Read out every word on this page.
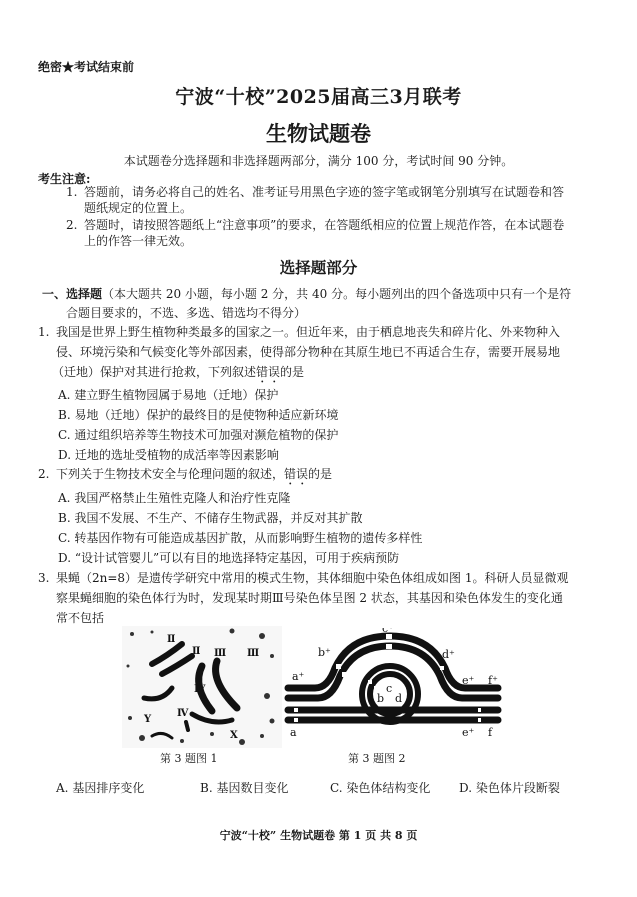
绝密★考试结束前
宁波“十校”2025届高三3月联考
生物试题卷
本试题卷分选择题和非选择题两部分，满分 100 分，考试时间 90 分钟。
考生注意:
1. 答题前，请务必将自己的姓名、准考证号用黑色字迹的签字笔或钢笔分别填写在试题卷和答
题纸规定的位置上。
2. 答题时，请按照答题纸上“注意事项”的要求，在答题纸相应的位置上规范作答，在本试题卷
上的作答一律无效。
选择题部分
一、选择题（本大题共 20 小题，每小题 2 分，共 40 分。每小题列出的四个备选项中只有一个是符
合题目要求的，不选、多选、错选均不得分）
1. 我国是世界上野生植物种类最多的国家之一。但近年来，由于栖息地丧失和碎片化、外来物种入
侵、环境污染和气候变化等外部因素，使得部分物种在其原生地已不再适合生存，需要开展易地
（迁地）保护对其进行抢救，下列叙述错误的是
A. 建立野生植物园属于易地（迁地）保护
B. 易地（迁地）保护的最终目的是使物种适应新环境
C. 通过组织培养等生物技术可加强对濒危植物的保护
D. 迁地的选址受植物的成活率等因素影响
2. 下列关于生物技术安全与伦理问题的叙述，错误的是
A. 我国严格禁止生殖性克隆人和治疗性克隆
B. 我国不发展、不生产、不储存生物武器，并反对其扩散
C. 转基因作物有可能造成基因扩散，从而影响野生植物的遗传多样性
D. “设计试管婴儿”可以有目的地选择特定基因，可用于疾病预防
3. 果蝇（2n=8）是遗传学研究中常用的模式生物，其体细胞中染色体组成如图 1。科研人员显微观
察果蝇细胞的染色体行为时，发现某时期Ⅲ号染色体呈图 2 状态，其基因和染色体发生的变化通
常不包括
Ⅱ
Ⅱ Ⅲ Ⅲ
Ⅳ
Ⅳ
Y
X
第 3 题图 1
a⁺
b⁺
c⁺
d⁺
e⁺ f⁺
b
c
d
a	e⁺ f
第 3 题图 2
A. 基因排序变化	B. 基因数目变化	C. 染色体结构变化 D. 染色体片段断裂
宁波“十校” 生物试题卷 第 1 页 共 8 页
